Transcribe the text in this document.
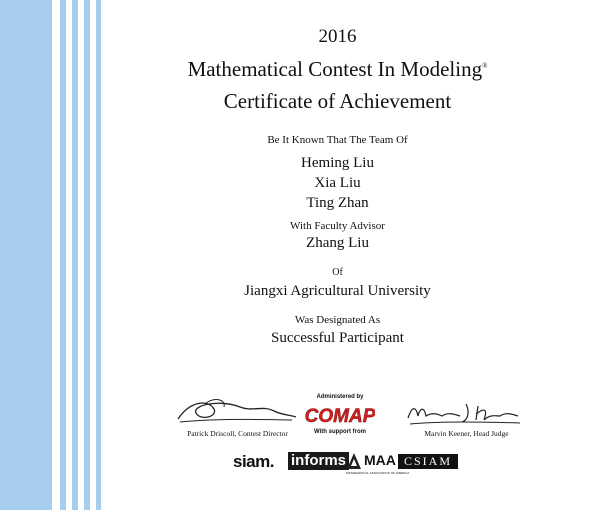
2016
Mathematical Contest In Modeling®
Certificate of Achievement
Be It Known That The Team Of
Heming Liu
Xia Liu
Ting Zhan
With Faculty Advisor
Zhang Liu
Of
Jiangxi Agricultural University
Was Designated As
Successful Participant
Patrick Driscoll, Contest Director	Marvin Keener, Head Judge
Administered by
COMAP
With support from
siam. informs MAA
MATHEMATICAL ASSOCIATION OF AMERICA
CSIAM
